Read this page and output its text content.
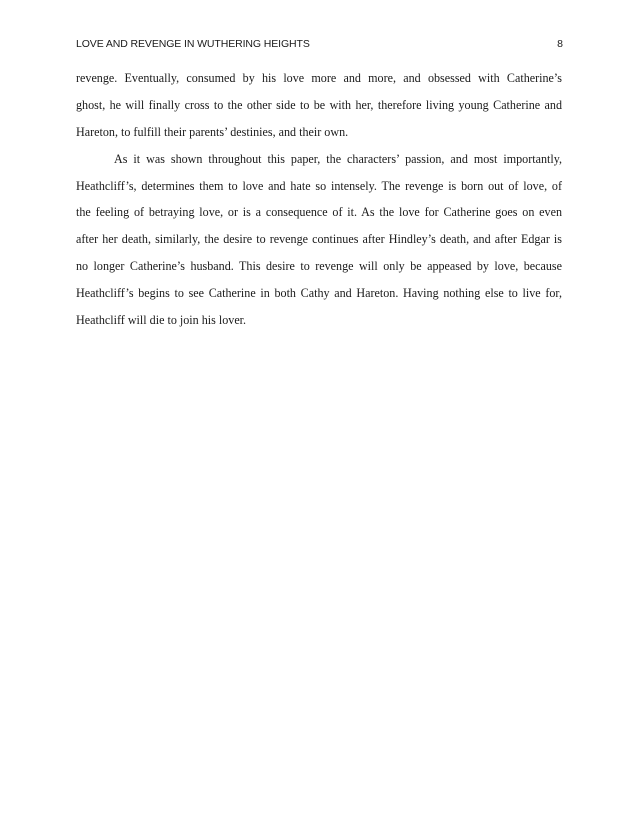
LOVE AND REVENGE IN WUTHERING HEIGHTS	8
revenge. Eventually, consumed by his love more and more, and obsessed with Catherine’s
ghost, he will finally cross to the other side to be with her, therefore living young Catherine and
Hareton, to fulfill their parents’ destinies, and their own.
As it was shown throughout this paper, the characters’ passion, and most importantly,
Heathcliff’s, determines them to love and hate so intensely. The revenge is born out of love, of
the feeling of betraying love, or is a consequence of it. As the love for Catherine goes on even
after her death, similarly, the desire to revenge continues after Hindley’s death, and after Edgar is
no longer Catherine’s husband. This desire to revenge will only be appeased by love, because
Heathcliff’s begins to see Catherine in both Cathy and Hareton. Having nothing else to live for,
Heathcliff will die to join his lover.
